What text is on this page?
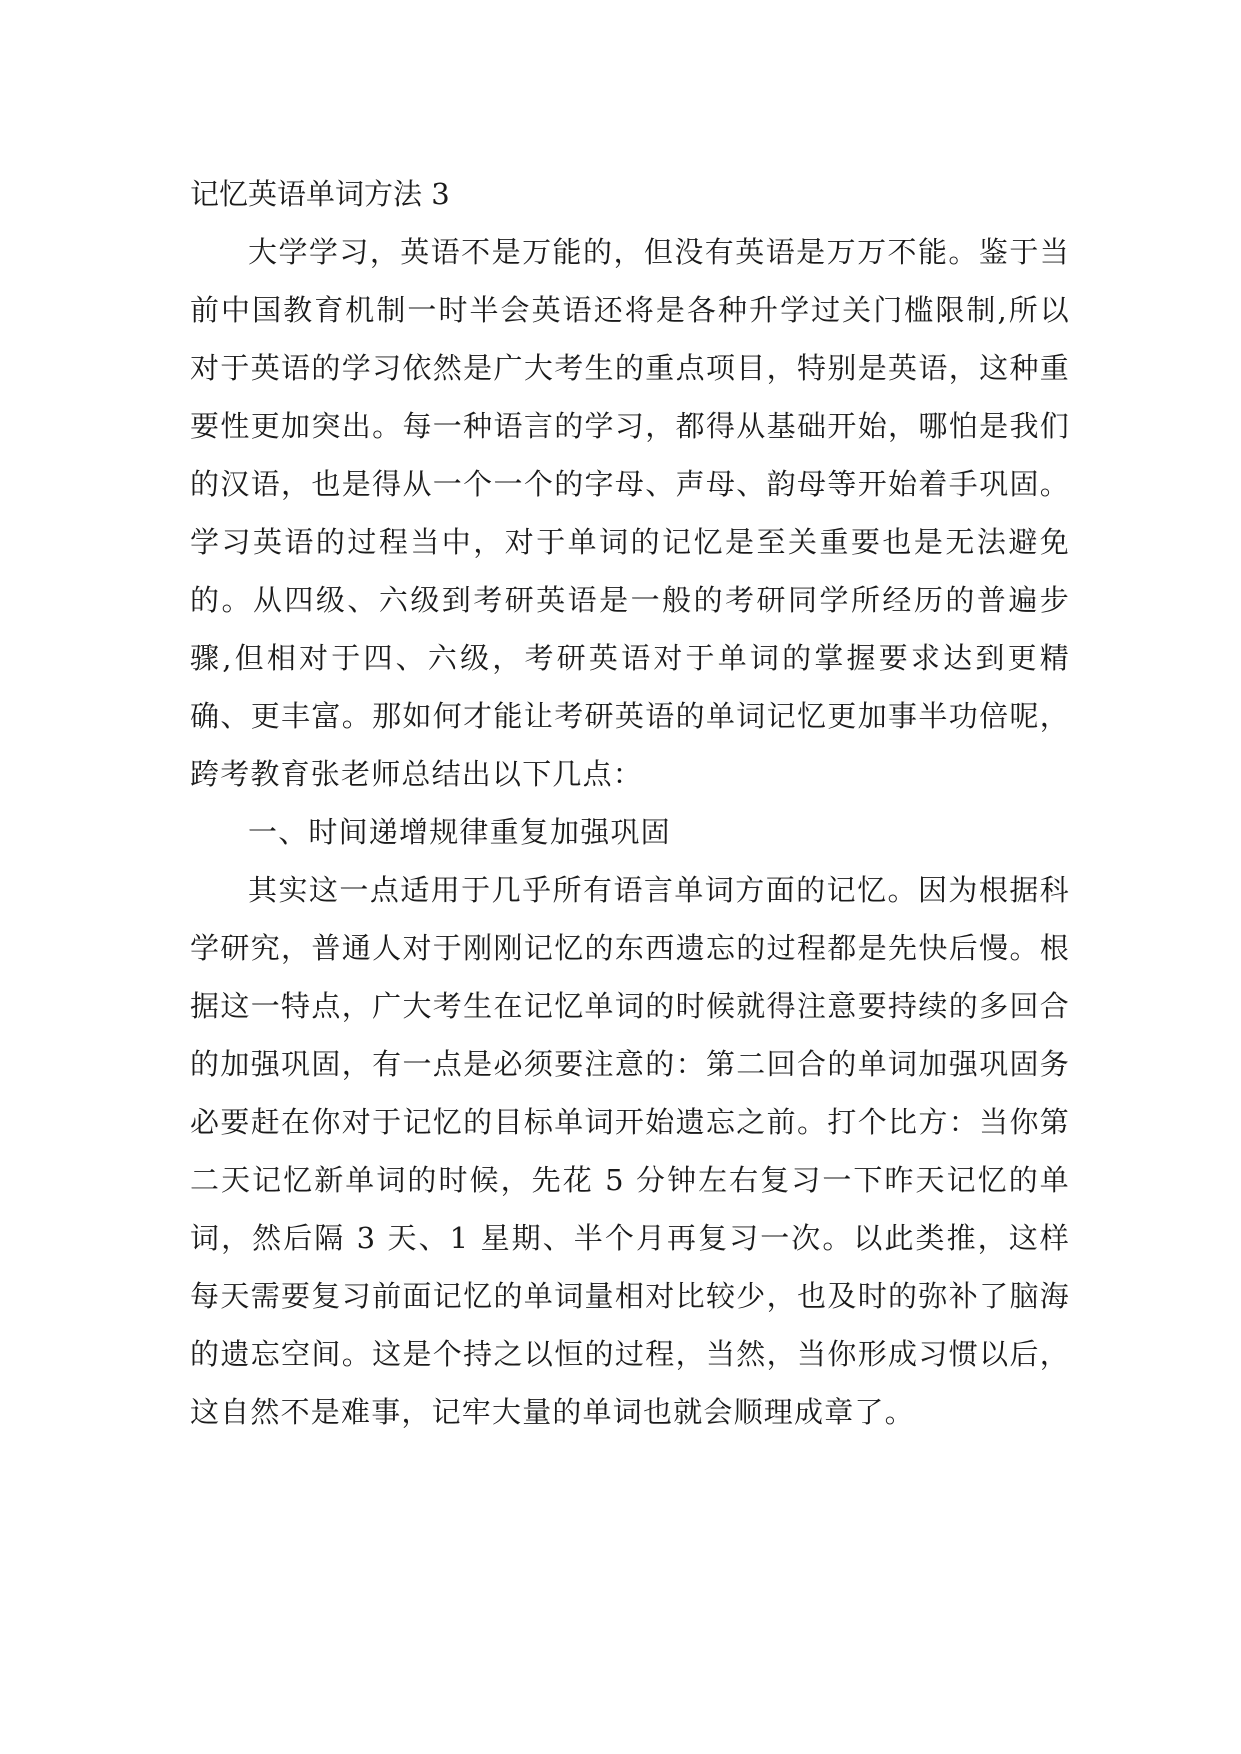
记忆英语单词方法 3

大学学习，英语不是万能的，但没有英语是万万不能。鉴于当前中国教育机制一时半会英语还将是各种升学过关门槛限制,所以对于英语的学习依然是广大考生的重点项目，特别是英语，这种重要性更加突出。每一种语言的学习，都得从基础开始，哪怕是我们的汉语，也是得从一个一个的字母、声母、韵母等开始着手巩固。学习英语的过程当中，对于单词的记忆是至关重要也是无法避免的。从四级、六级到考研英语是一般的考研同学所经历的普遍步骤,但相对于四、六级，考研英语对于单词的掌握要求达到更精确、更丰富。那如何才能让考研英语的单词记忆更加事半功倍呢，跨考教育张老师总结出以下几点：

一、时间递增规律重复加强巩固

其实这一点适用于几乎所有语言单词方面的记忆。因为根据科学研究，普通人对于刚刚记忆的东西遗忘的过程都是先快后慢。根据这一特点，广大考生在记忆单词的时候就得注意要持续的多回合的加强巩固，有一点是必须要注意的：第二回合的单词加强巩固务必要赶在你对于记忆的目标单词开始遗忘之前。打个比方：当你第二天记忆新单词的时候，先花 5 分钟左右复习一下昨天记忆的单词，然后隔 3 天、1 星期、半个月再复习一次。以此类推，这样每天需要复习前面记忆的单词量相对比较少，也及时的弥补了脑海的遗忘空间。这是个持之以恒的过程，当然，当你形成习惯以后，这自然不是难事，记牢大量的单词也就会顺理成章了。
